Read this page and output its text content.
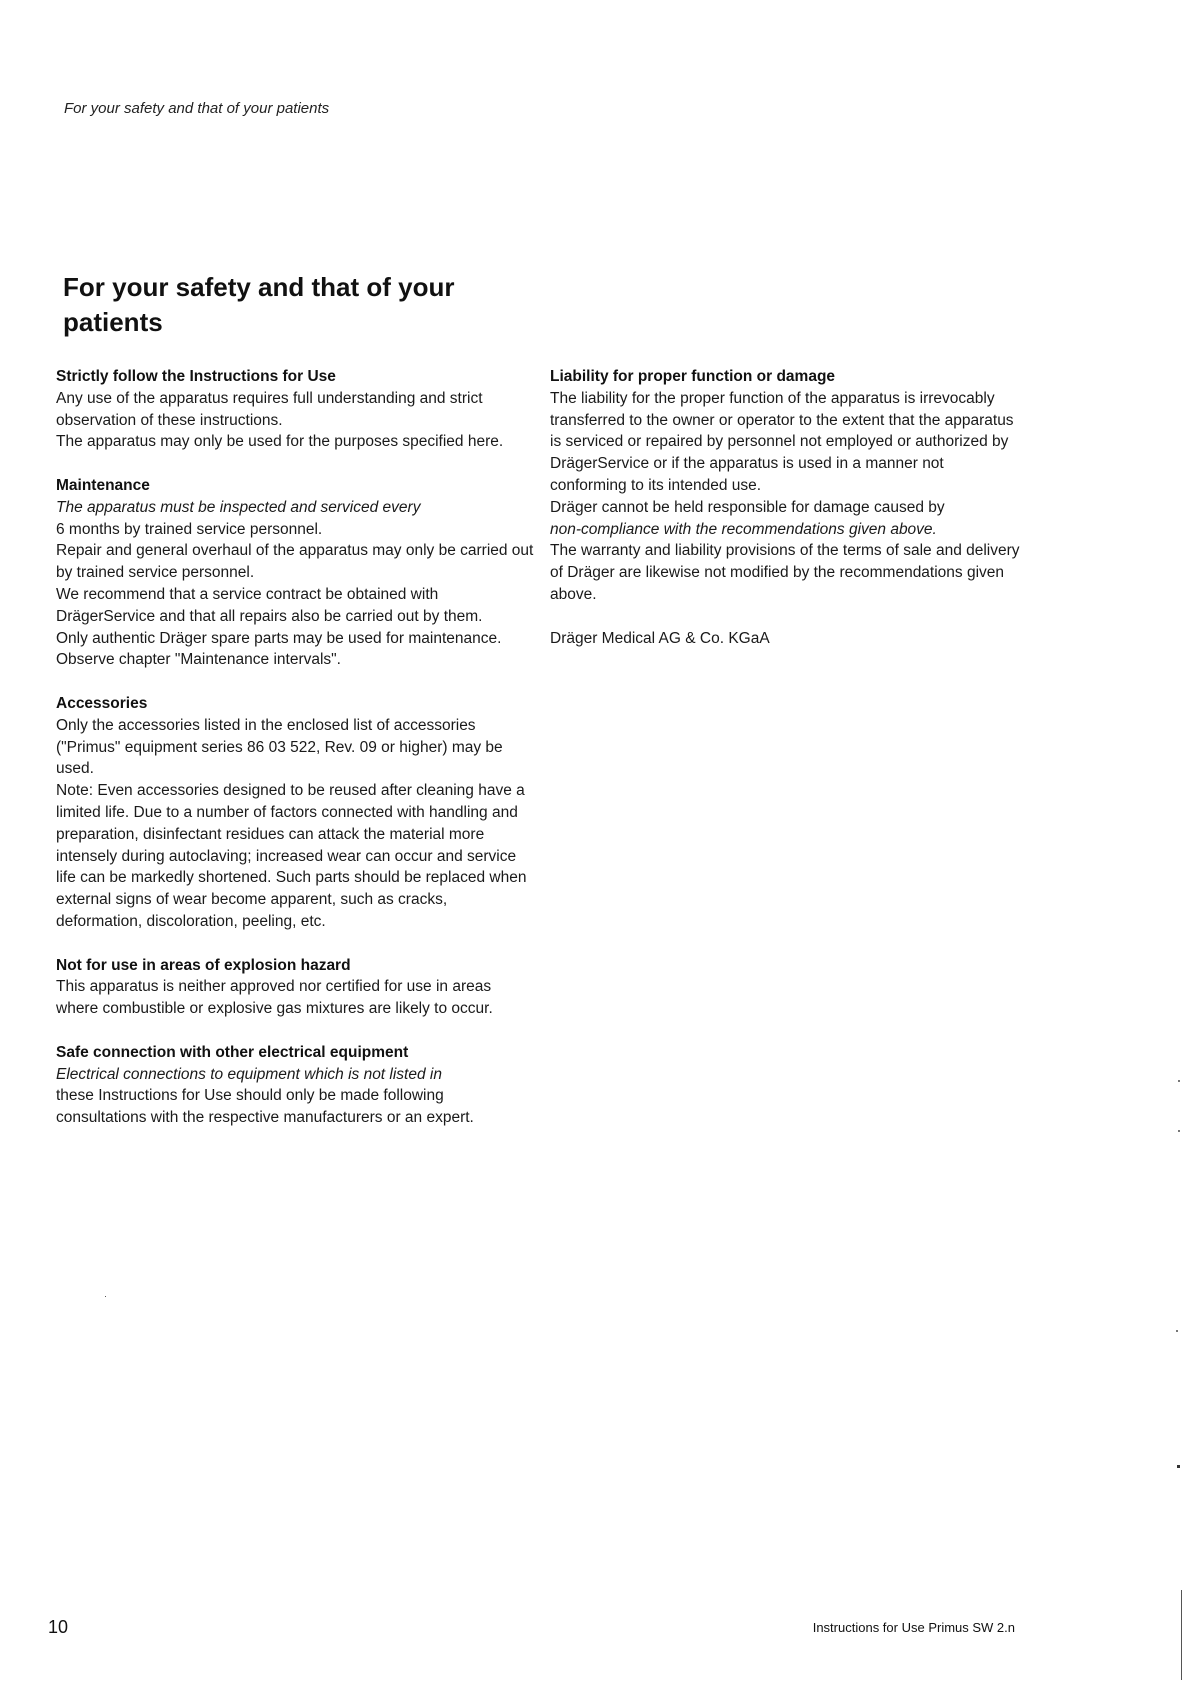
For your safety and that of your patients
For your safety and that of your patients
Strictly follow the Instructions for Use

Any use of the apparatus requires full understanding and strict observation of these instructions.

The apparatus may only be used for the purposes specified here.

Maintenance

The apparatus must be inspected and serviced every

6 months by trained service personnel.

Repair and general overhaul of the apparatus may only be carried out by trained service personnel.

We recommend that a service contract be obtained with DrägerService and that all repairs also be carried out by them.

Only authentic Dräger spare parts may be used for maintenance.

Observe chapter "Maintenance intervals".

Accessories

Only the accessories listed in the enclosed list of accessories ("Primus" equipment series 86 03 522, Rev. 09 or higher) may be used.

Note: Even accessories designed to be reused after cleaning have a limited life. Due to a number of factors connected with handling and preparation, disinfectant residues can attack the material more intensely during autoclaving; increased wear can occur and service life can be markedly shortened. Such parts should be replaced when external signs of wear become apparent, such as cracks, deformation, discoloration, peeling, etc.

Not for use in areas of explosion hazard

This apparatus is neither approved nor certified for use in areas where combustible or explosive gas mixtures are likely to occur.

Safe connection with other electrical equipment

Electrical connections to equipment which is not listed in

these Instructions for Use should only be made following consultations with the respective manufacturers or an expert.

Liability for proper function or damage

The liability for the proper function of the apparatus is irrevocably transferred to the owner or operator to the extent that the apparatus is serviced or repaired by personnel not employed or authorized by DrägerService or if the apparatus is used in a manner not conforming to its intended use.

Dräger cannot be held responsible for damage caused by

non-compliance with the recommendations given above.

The warranty and liability provisions of the terms of sale and delivery of Dräger are likewise not modified by the recommendations given above.

Dräger Medical AG & Co. KGaA

10	Instructions for Use Primus SW 2.n
